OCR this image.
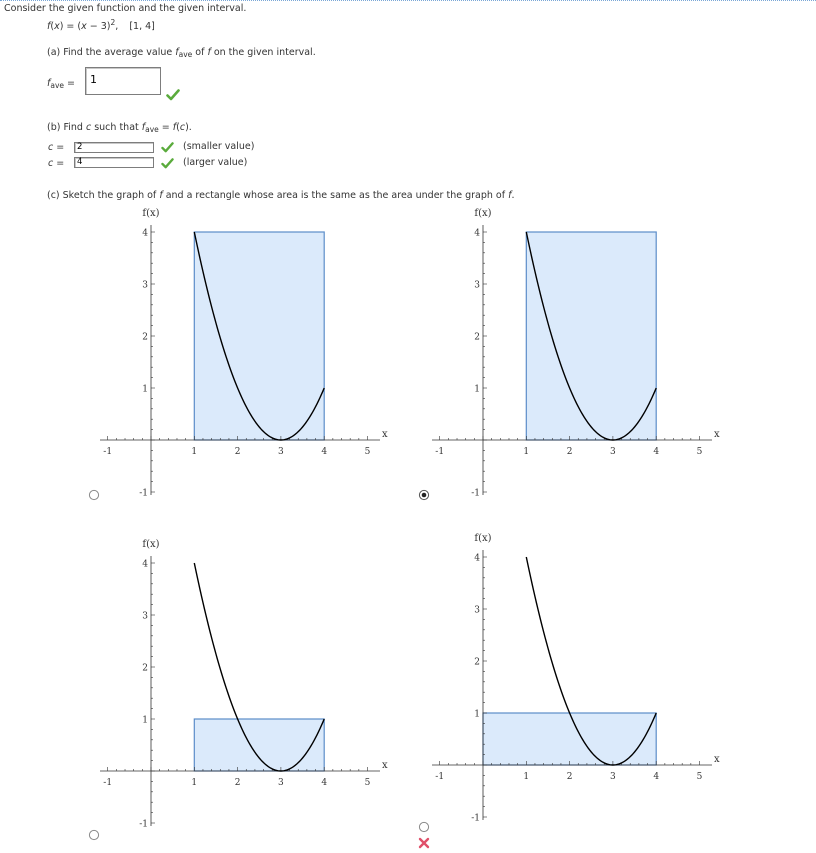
Consider the given function and the given interval.
$f(x) = (x - 3)^2$, [1, 4]
(a) Find the average value $f_{ave}$ of f on the given interval.
$f_{ave}$ =	1
(b) Find c such that $f_{ave} = f(c)$.
c =	2	(smaller value)
c =	4	(larger value)
(c) Sketch the graph of f and a rectangle whose area is the same as the area under the graph of f.
-1	1	2	3	4	5
-1
1
2
3
4
f(x)
x
-1	1	2	3	4	5
-1
1
2
3
4
f(x)
x
-1	1	2	3	4	5
-1
1
2
3
4
f(x)
x
-1	1	2	3	4	5
-1
1
2
3
4
f(x)
x
